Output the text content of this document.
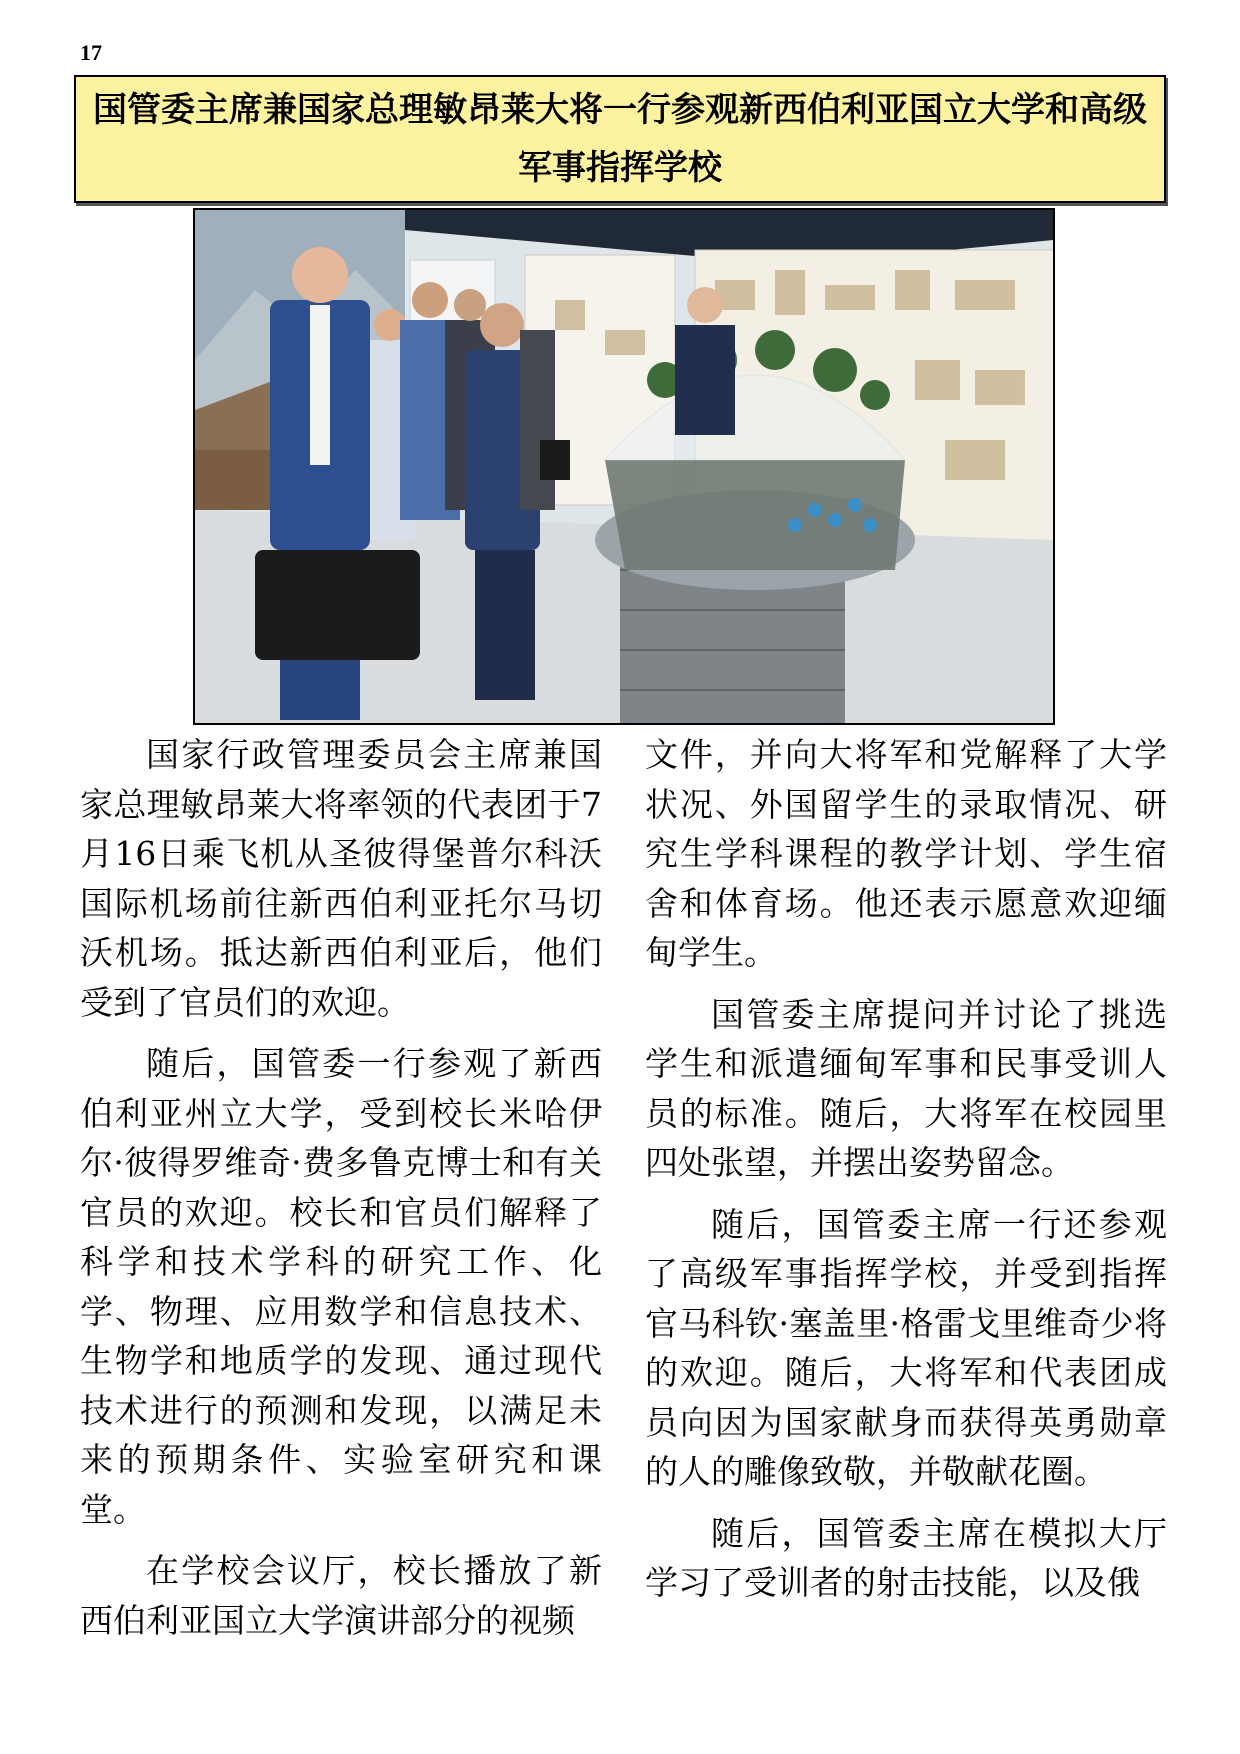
17
国管委主席兼国家总理敏昂莱大将一行参观新西伯利亚国立大学和高级军事指挥学校

国家行政管理委员会主席兼国家总理敏昂莱大将率领的代表团于7月16日乘飞机从圣彼得堡普尔科沃国际机场前往新西伯利亚托尔马切沃机场。抵达新西伯利亚后，他们受到了官员们的欢迎。

随后，国管委一行参观了新西伯利亚州立大学，受到校长米哈伊尔·彼得罗维奇·费多鲁克博士和有关官员的欢迎。校长和官员们解释了科学和技术学科的研究工作、化学、物理、应用数学和信息技术、生物学和地质学的发现、通过现代技术进行的预测和发现，以满足未来的预期条件、实验室研究和课堂。

在学校会议厅，校长播放了新西伯利亚国立大学演讲部分的视频

文件，并向大将军和党解释了大学状况、外国留学生的录取情况、研究生学科课程的教学计划、学生宿舍和体育场。他还表示愿意欢迎缅甸学生。

国管委主席提问并讨论了挑选学生和派遣缅甸军事和民事受训人员的标准。随后，大将军在校园里四处张望，并摆出姿势留念。

随后，国管委主席一行还参观了高级军事指挥学校，并受到指挥官马科钦·塞盖里·格雷戈里维奇少将的欢迎。随后，大将军和代表团成员向因为国家献身而获得英勇勋章的人的雕像致敬，并敬献花圈。

随后，国管委主席在模拟大厅学习了受训者的射击技能，以及俄
